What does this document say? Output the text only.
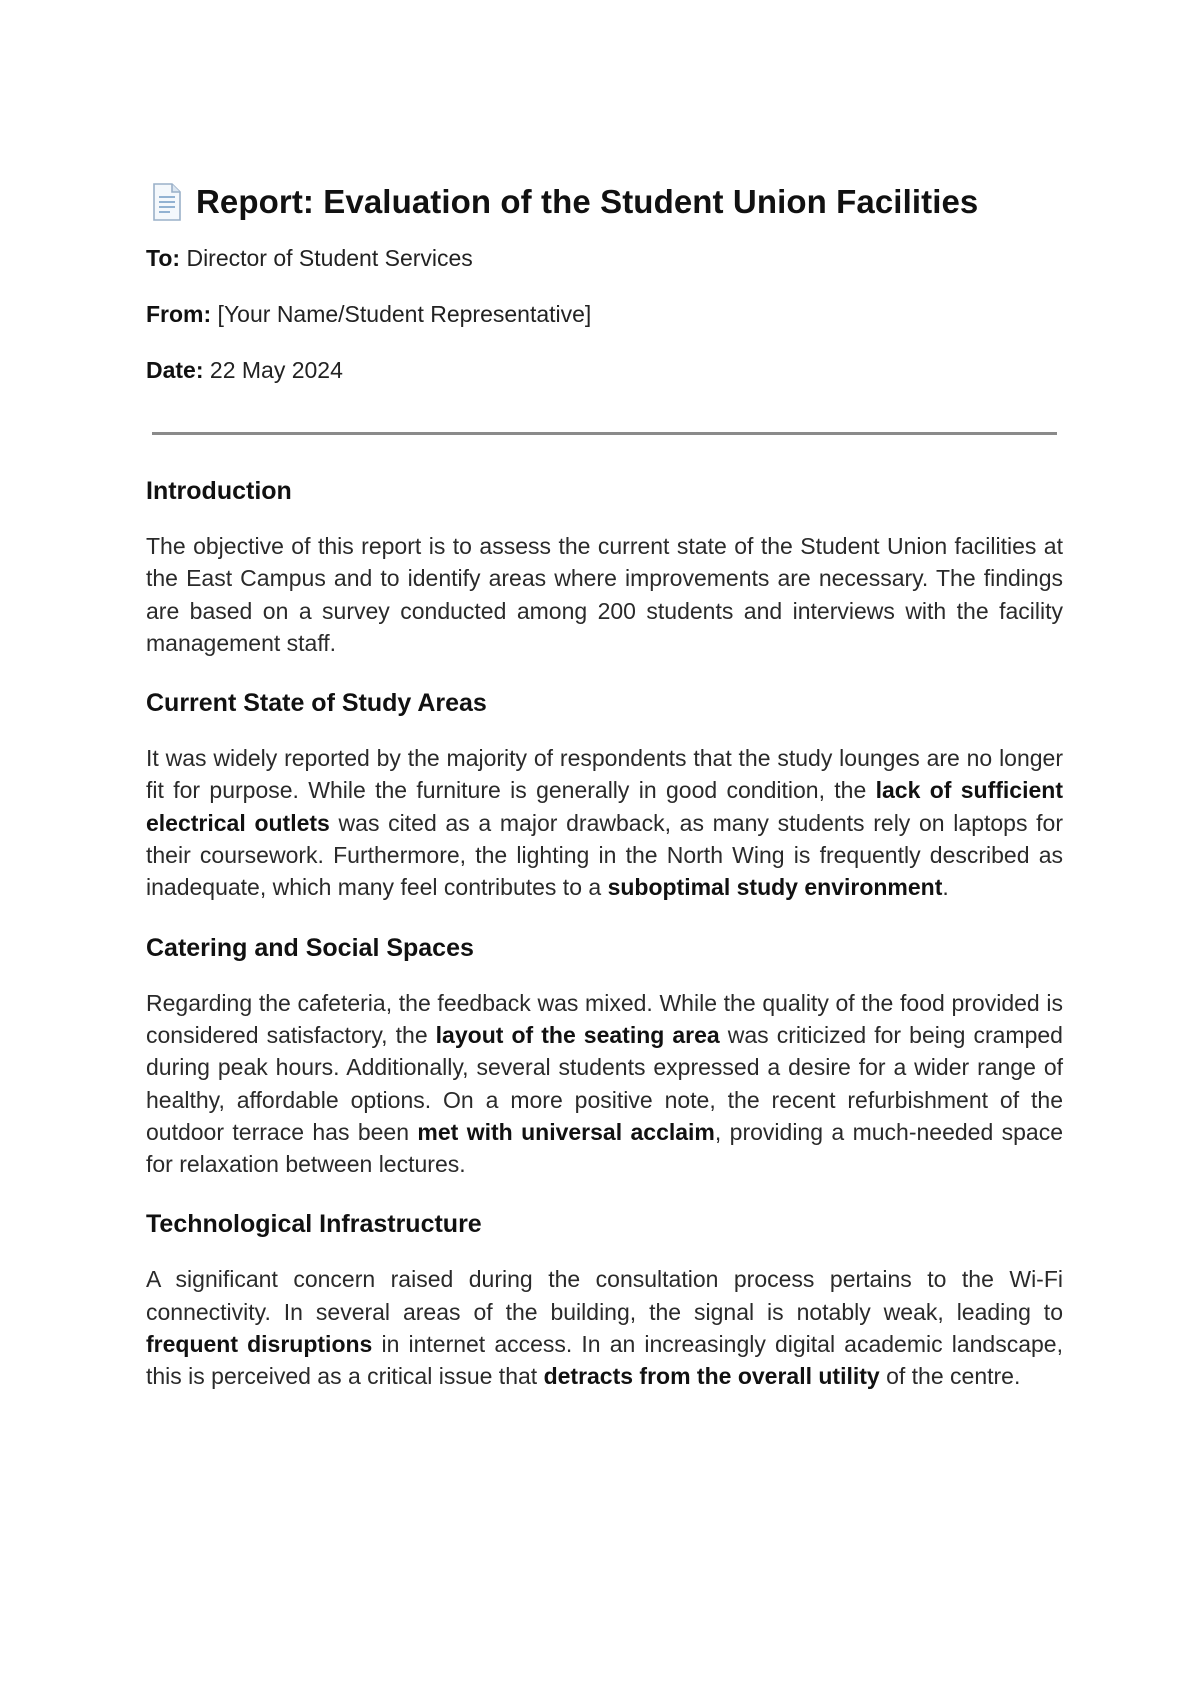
Report: Evaluation of the Student Union Facilities

To: Director of Student Services

From: [Your Name/Student Representative]

Date: 22 May 2024

Introduction

The objective of this report is to assess the current state of the Student Union facilities at the East Campus and to identify areas where improvements are necessary. The findings are based on a survey conducted among 200 students and interviews with the facility management staff.

Current State of Study Areas

It was widely reported by the majority of respondents that the study lounges are no longer fit for purpose. While the furniture is generally in good condition, the lack of sufficient electrical outlets was cited as a major drawback, as many students rely on laptops for their coursework. Furthermore, the lighting in the North Wing is frequently described as inadequate, which many feel contributes to a suboptimal study environment.

Catering and Social Spaces

Regarding the cafeteria, the feedback was mixed. While the quality of the food provided is considered satisfactory, the layout of the seating area was criticized for being cramped during peak hours. Additionally, several students expressed a desire for a wider range of healthy, affordable options. On a more positive note, the recent refurbishment of the outdoor terrace has been met with universal acclaim, providing a much-needed space for relaxation between lectures.

Technological Infrastructure

A significant concern raised during the consultation process pertains to the Wi-Fi connectivity. In several areas of the building, the signal is notably weak, leading to frequent disruptions in internet access. In an increasingly digital academic landscape, this is perceived as a critical issue that detracts from the overall utility of the centre.
